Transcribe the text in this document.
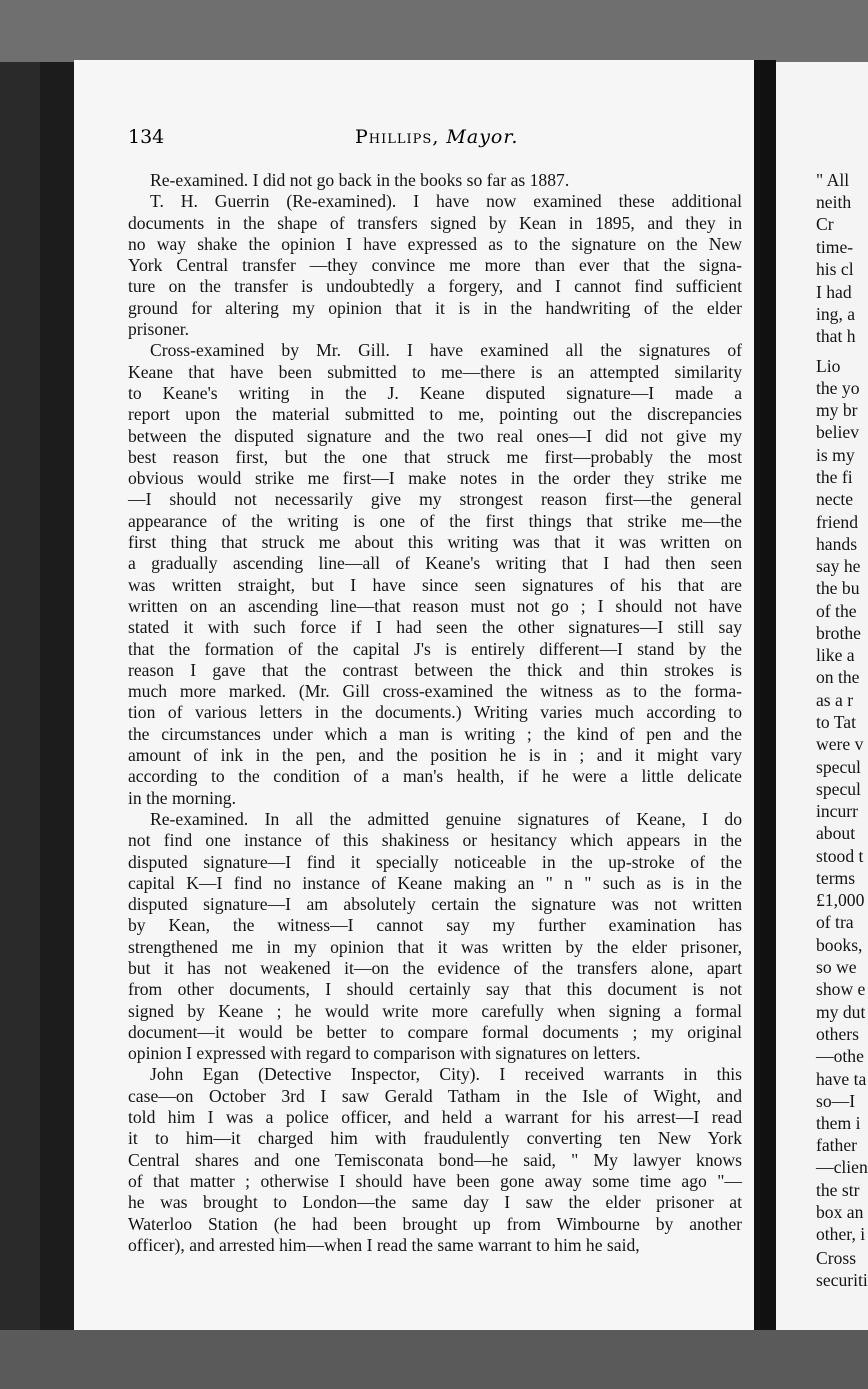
134	Phillips, Mayor.
Re-examined. I did not go back in the books so far as 1887.
T. H. Guerrin (Re-examined). I have now examined these additional
documents in the shape of transfers signed by Kean in 1895, and they in
no way shake the opinion I have expressed as to the signature on the New
York Central transfer —they convince me more than ever that the signa-
ture on the transfer is undoubtedly a forgery, and I cannot find sufficient
ground for altering my opinion that it is in the handwriting of the elder
prisoner.
Cross-examined by Mr. Gill. I have examined all the signatures of
Keane that have been submitted to me—there is an attempted similarity
to Keane's writing in the J. Keane disputed signature—I made a
report upon the material submitted to me, pointing out the discrepancies
between the disputed signature and the two real ones—I did not give my
best reason first, but the one that struck me first—probably the most
obvious would strike me first—I make notes in the order they strike me
—I should not necessarily give my strongest reason first—the general
appearance of the writing is one of the first things that strike me—the
first thing that struck me about this writing was that it was written on
a gradually ascending line—all of Keane's writing that I had then seen
was written straight, but I have since seen signatures of his that are
written on an ascending line—that reason must not go ; I should not have
stated it with such force if I had seen the other signatures—I still say
that the formation of the capital J's is entirely different—I stand by the
reason I gave that the contrast between the thick and thin strokes is
much more marked. (Mr. Gill cross-examined the witness as to the forma-
tion of various letters in the documents.) Writing varies much according to
the circumstances under which a man is writing ; the kind of pen and the
amount of ink in the pen, and the position he is in ; and it might vary
according to the condition of a man's health, if he were a little delicate
in the morning.
Re-examined. In all the admitted genuine signatures of Keane, I do
not find one instance of this shakiness or hesitancy which appears in the
disputed signature—I find it specially noticeable in the up-stroke of the
capital K—I find no instance of Keane making an " n " such as is in the
disputed signature—I am absolutely certain the signature was not written
by Kean, the witness—I cannot say my further examination has
strengthened me in my opinion that it was written by the elder prisoner,
but it has not weakened it—on the evidence of the transfers alone, apart
from other documents, I should certainly say that this document is not
signed by Keane ; he would write more carefully when signing a formal
document—it would be better to compare formal documents ; my original
opinion I expressed with regard to comparison with signatures on letters.
John Egan (Detective Inspector, City). I received warrants in this
case—on October 3rd I saw Gerald Tatham in the Isle of Wight, and
told him I was a police officer, and held a warrant for his arrest—I read
it to him—it charged him with fraudulently converting ten New York
Central shares and one Temisconata bond—he said, " My lawyer knows
of that matter ; otherwise I should have been gone away some time ago "—
he was brought to London—the same day I saw the elder prisoner at
Waterloo Station (he had been brought up from Wimbourne by another
officer), and arrested him—when I read the same warrant to him he said,
" All
neith
Cr
time-
his cl
I had
ing, a
that h
Lio
the yo
my br
believ
is my
the fi
necte
friend
hands
say he
the bu
of the
brothe
like a
on the
as a r
to Tat
were v
specul
specul
incurr
about
stood t
terms
£1,000
of tra
books,
so we
show e
my dut
others
—othe
have ta
so—I
them i
father
—clien
the str
box an
other, i
Cross
securiti
